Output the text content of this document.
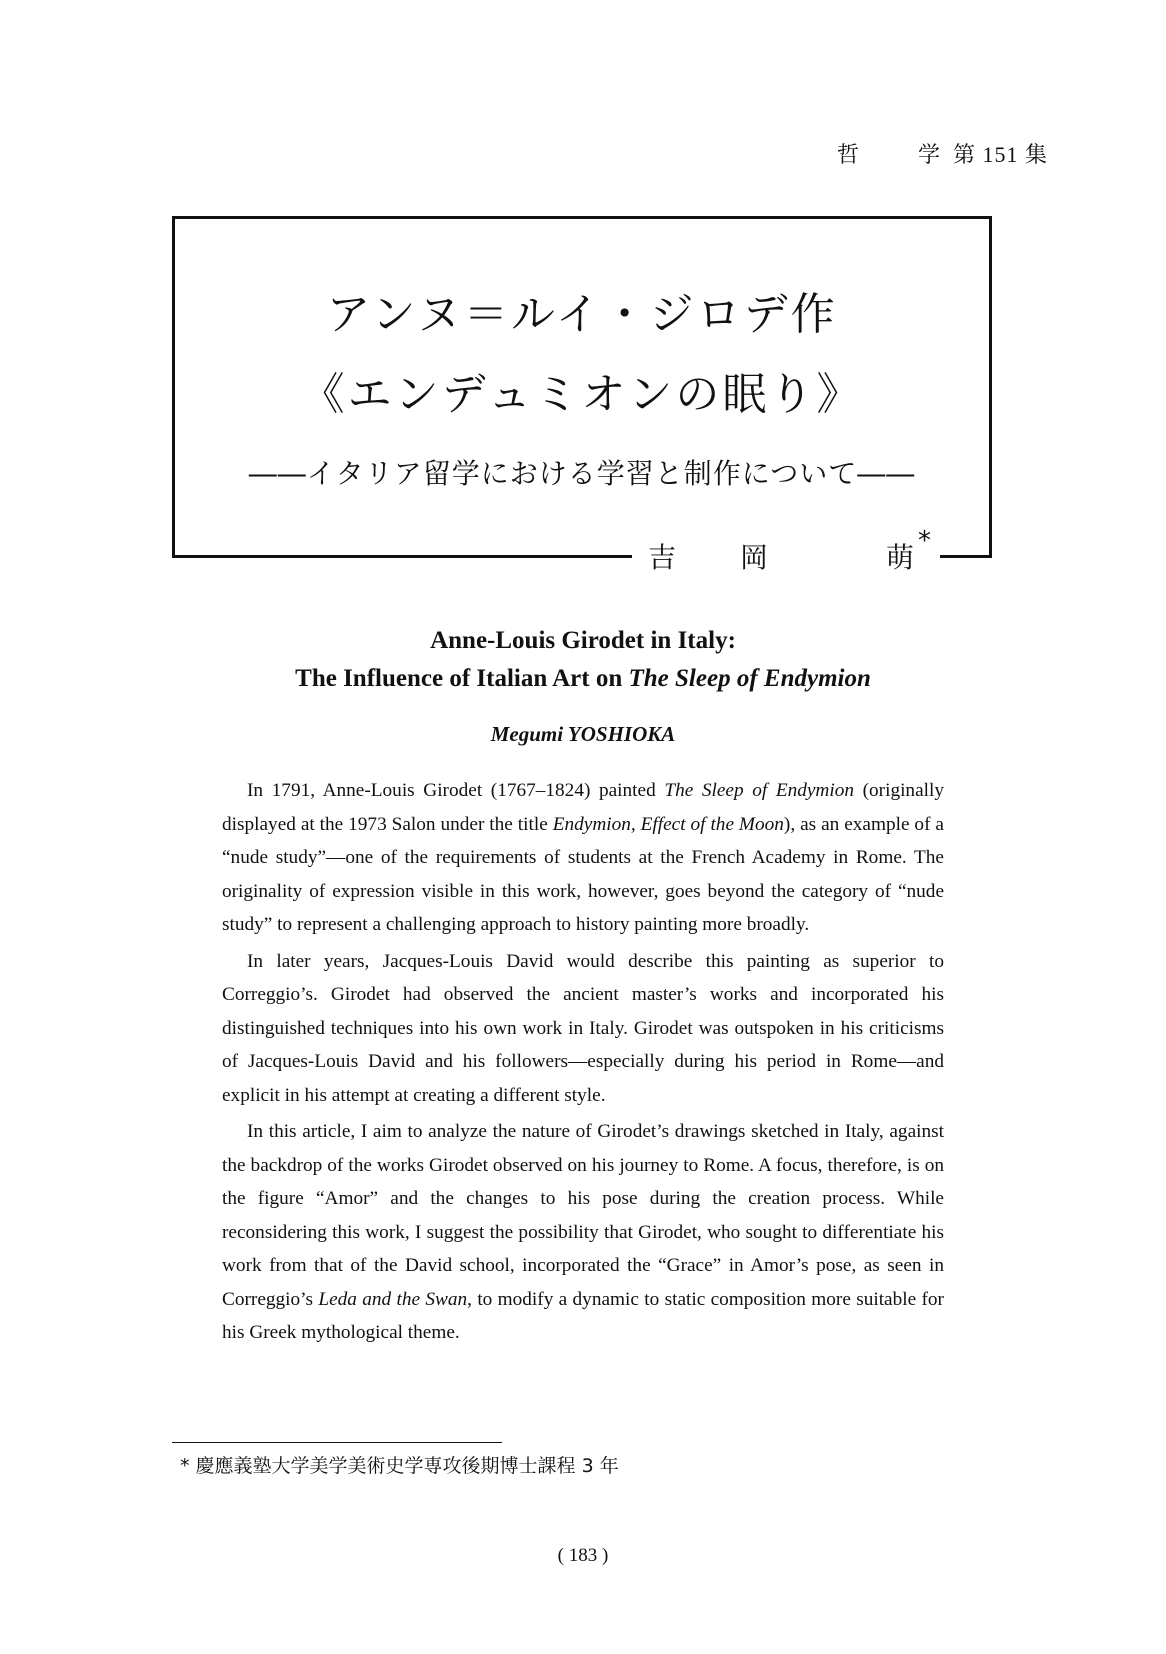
哲	学 第 151 集
アンヌ＝ルイ・ジロデ作
《エンデュミオンの眠り》
――イタリア留学における学習と制作について――
吉 岡	萌 *
Anne-Louis Girodet in Italy:
The Influence of Italian Art on The Sleep of Endymion
Megumi YOSHIOKA

In 1791, Anne-Louis Girodet (1767–1824) painted The Sleep of Endymion (originally displayed at the 1973 Salon under the title Endymion, Effect of the Moon), as an example of a “nude study”—one of the requirements of students at the French Academy in Rome. The originality of expression visible in this work, however, goes beyond the category of “nude study” to represent a challenging approach to history painting more broadly.

In later years, Jacques-Louis David would describe this painting as superior to Correggio’s. Girodet had observed the ancient master’s works and incorporated his distinguished techniques into his own work in Italy. Girodet was outspoken in his criticisms of Jacques-Louis David and his followers—especially during his period in Rome—and explicit in his attempt at creating a different style.

In this article, I aim to analyze the nature of Girodet’s drawings sketched in Italy, against the backdrop of the works Girodet observed on his journey to Rome. A focus, therefore, is on the figure “Amor” and the changes to his pose during the creation process. While reconsidering this work, I suggest the possibility that Girodet, who sought to differentiate his work from that of the David school, incorporated the “Grace” in Amor’s pose, as seen in Correggio’s Leda and the Swan, to modify a dynamic to static composition more suitable for his Greek mythological theme.

* 慶應義塾大学美学美術史学専攻後期博士課程 3 年
( 183 )
